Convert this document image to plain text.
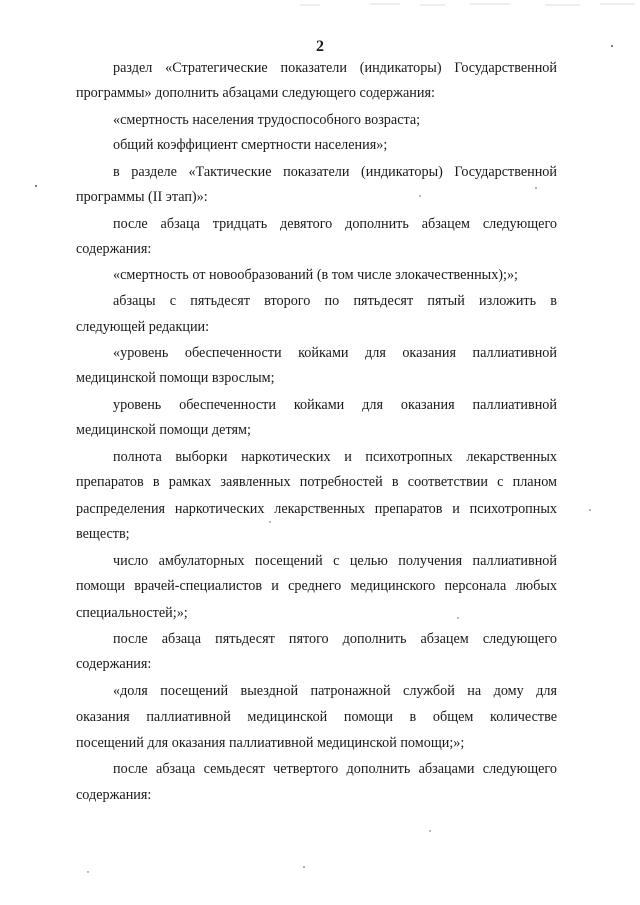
2
раздел «Стратегические показатели (индикаторы) Государственной
программы» дополнить абзацами следующего содержания:
«смертность населения трудоспособного возраста;
общий коэффициент смертности населения»;
в разделе «Тактические показатели (индикаторы) Государственной
программы (II этап)»:
после абзаца тридцать девятого дополнить абзацем следующего
содержания:
«смертность от новообразований (в том числе злокачественных);»;
абзацы с пятьдесят второго по пятьдесят пятый изложить в
следующей редакции:
«уровень обеспеченности койками для оказания паллиативной
медицинской помощи взрослым;
уровень обеспеченности койками для оказания паллиативной
медицинской помощи детям;
полнота выборки наркотических и психотропных лекарственных
препаратов в рамках заявленных потребностей в соответствии с планом
распределения наркотических лекарственных препаратов и психотропных
веществ;
число амбулаторных посещений с целью получения паллиативной
помощи врачей-специалистов и среднего медицинского персонала любых
специальностей;»;
после абзаца пятьдесят пятого дополнить абзацем следующего
содержания:
«доля посещений выездной патронажной службой на дому для
оказания паллиативной медицинской помощи в общем количестве
посещений для оказания паллиативной медицинской помощи;»;
после абзаца семьдесят четвертого дополнить абзацами следующего
содержания:
